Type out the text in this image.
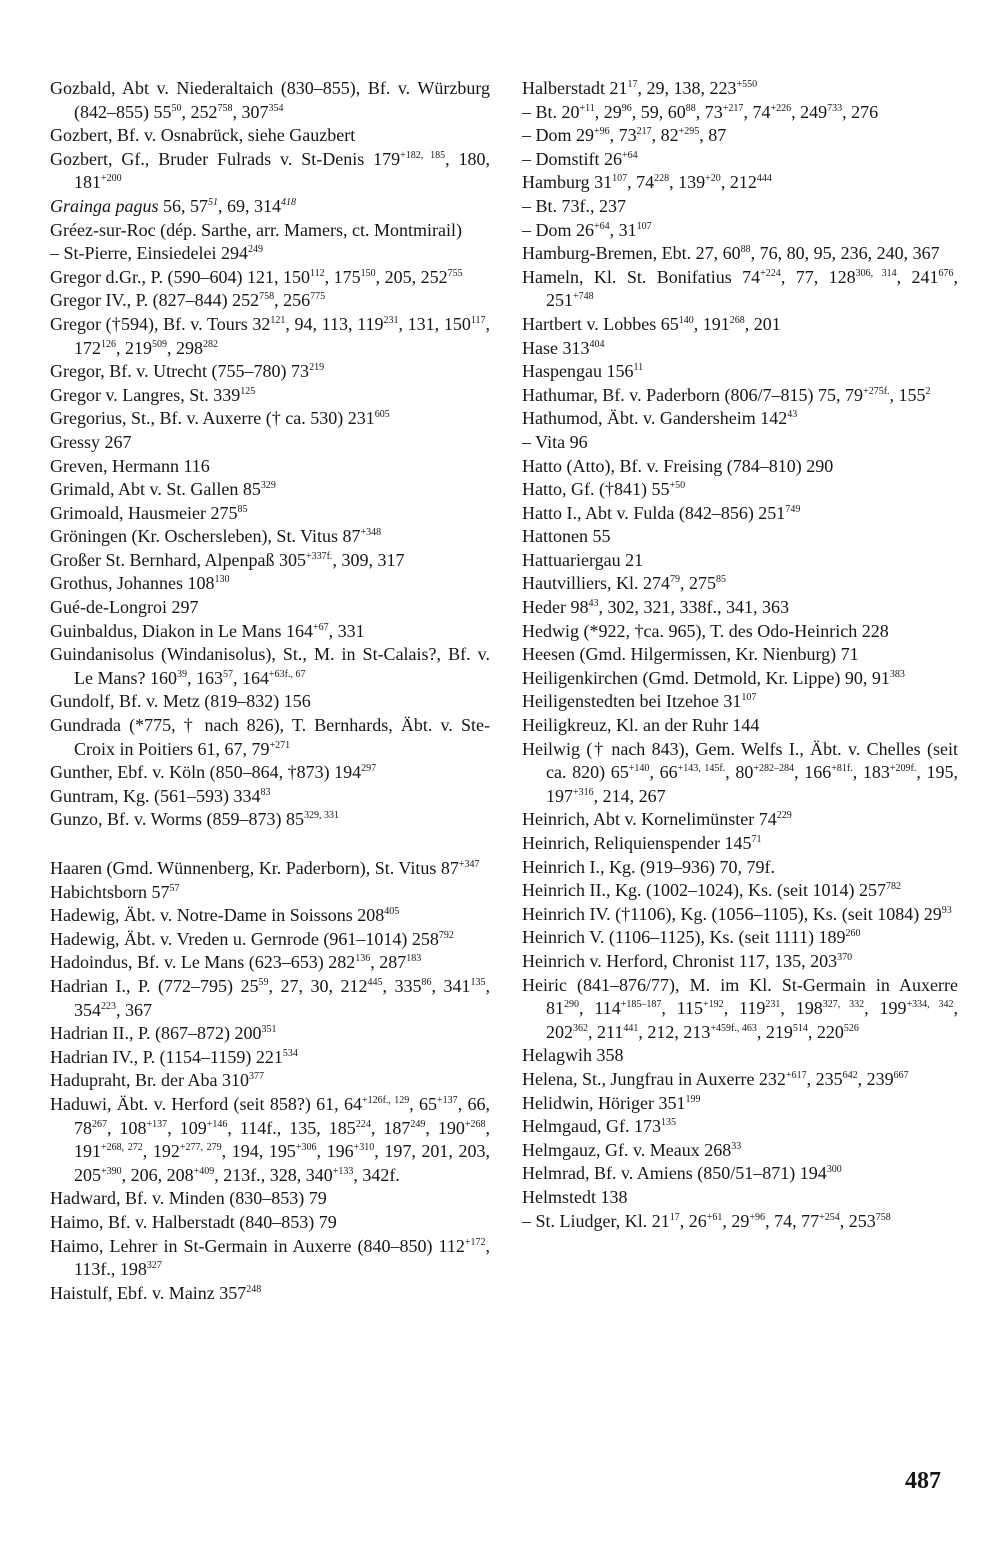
Gozbald, Abt v. Niederaltaich (830–855), Bf. v. Würzburg (842–855) $55^{50}$, $252^{758}$, $307^{354}$
Gozbert, Bf. v. Osnabrück, siehe Gauzbert
Gozbert, Gf., Bruder Fulrads v. St-Denis $179^{+182, 185}$, 180, $181^{+200}$
Grainga pagus 56, $57^{51}$, 69, $314^{418}$
Gréez-sur-Roc (dép. Sarthe, arr. Mamers, ct. Montmirail)
– St-Pierre, Einsiedelei $294^{249}$
Gregor d.Gr., P. (590–604) 121, $150^{112}$, $175^{150}$, 205, $252^{755}$
Gregor IV., P. (827–844) $252^{758}$, $256^{775}$
Gregor (†594), Bf. v. Tours $32^{121}$, 94, 113, $119^{231}$, 131, $150^{117}$, $172^{126}$, $219^{509}$, $298^{282}$
Gregor, Bf. v. Utrecht (755–780) $73^{219}$
Gregor v. Langres, St. $339^{125}$
Gregorius, St., Bf. v. Auxerre († ca. 530) $231^{605}$
Gressy 267
Greven, Hermann 116
Grimald, Abt v. St. Gallen $85^{329}$
Grimoald, Hausmeier $275^{85}$
Gröningen (Kr. Oschersleben), St. Vitus $87^{+348}$
Großer St. Bernhard, Alpenpaß $305^{+337f.}$, 309, 317
Grothus, Johannes $108^{130}$
Gué-de-Longroi 297
Guinbaldus, Diakon in Le Mans $164^{+67}$, 331
Guindanisolus (Windanisolus), St., M. in St-Calais?, Bf. v. Le Mans? $160^{39}$, $163^{57}$, $164^{+63f., 67}$
Gundolf, Bf. v. Metz (819–832) 156
Gundrada (*775, † nach 826), T. Bernhards, Äbt. v. Ste-Croix in Poitiers 61, 67, $79^{+271}$
Gunther, Ebf. v. Köln (850–864, †873) $194^{297}$
Guntram, Kg. (561–593) $334^{83}$
Gunzo, Bf. v. Worms (859–873) 85$^{329, 331}$
Haaren (Gmd. Wünnenberg, Kr. Paderborn), St. Vitus $87^{+347}$
Habichtsborn $57^{57}$
Hadewig, Äbt. v. Notre-Dame in Soissons $208^{405}$
Hadewig, Äbt. v. Vreden u. Gernrode (961–1014) $258^{792}$
Hadoindus, Bf. v. Le Mans (623–653) $282^{136}$, $287^{183}$
Hadrian I., P. (772–795) $25^{59}$, 27, 30, $212^{445}$, $335^{86}$, $341^{135}$, $354^{223}$, 367
Hadrian II., P. (867–872) $200^{351}$
Hadrian IV., P. (1154–1159) $221^{534}$
Hadupraht, Br. der Aba $310^{377}$
Haduwi, Äbt. v. Herford (seit 858?) 61, $64^{+126f., 129}$, $65^{+137}$, 66, $78^{267}$, $108^{+137}$, $109^{+146}$, 114f., 135, $185^{224}$, $187^{249}$, $190^{+268}$, $191^{+268, 272}$, $192^{+277, 279}$, 194, $195^{+306}$, $196^{+310}$, 197, 201, 203, $205^{+390}$, 206, $208^{+409}$, 213f., 328, $340^{+133}$, 342f.
Hadward, Bf. v. Minden (830–853) 79
Haimo, Bf. v. Halberstadt (840–853) 79
Haimo, Lehrer in St-Germain in Auxerre (840–850) $112^{+172}$, 113f., $198^{327}$
Haistulf, Ebf. v. Mainz $357^{248}$
Halberstadt $21^{17}$, 29, 138, $223^{+550}$
– Bt. $20^{+11}$, $29^{96}$, 59, $60^{88}$, $73^{+217}$, $74^{+226}$, $249^{733}$, 276
– Dom $29^{+96}$, $73^{217}$, $82^{+295}$, 87
– Domstift $26^{+64}$
Hamburg $31^{107}$, $74^{228}$, $139^{+20}$, $212^{444}$
– Bt. 73f., 237
– Dom $26^{+64}$, $31^{107}$
Hamburg-Bremen, Ebt. 27, $60^{88}$, 76, 80, 95, 236, 240, 367
Hameln, Kl. St. Bonifatius $74^{+224}$, 77, 128$^{306, 314}$, $241^{676}$, $251^{+748}$
Hartbert v. Lobbes $65^{140}$, $191^{268}$, 201
Hase $313^{404}$
Haspengau $156^{11}$
Hathumar, Bf. v. Paderborn (806/7–815) 75, $79^{+275f.}$, $155^2$
Hathumod, Äbt. v. Gandersheim $142^{43}$
– Vita 96
Hatto (Atto), Bf. v. Freising (784–810) 290
Hatto, Gf. (†841) $55^{+50}$
Hatto I., Abt v. Fulda (842–856) $251^{749}$
Hattonen 55
Hattuariergau 21
Hautvilliers, Kl. $274^{79}$, $275^{85}$
Heder $98^{43}$, 302, 321, 338f., 341, 363
Hedwig (*922, †ca. 965), T. des Odo-Heinrich 228
Heesen (Gmd. Hilgermissen, Kr. Nienburg) 71
Heiligenkirchen (Gmd. Detmold, Kr. Lippe) 90, $91^{383}$
Heiligenstedten bei Itzehoe $31^{107}$
Heiligkreuz, Kl. an der Ruhr 144
Heilwig († nach 843), Gem. Welfs I., Äbt. v. Chelles (seit ca. 820) $65^{+140}$, $66^{+143, 145f.}$, $80^{+282-284}$, $166^{+81f.}$, $183^{+209f.}$, 195, $197^{+316}$, 214, 267
Heinrich, Abt v. Kornelimünster $74^{229}$
Heinrich, Reliquienspender $145^{71}$
Heinrich I., Kg. (919–936) 70, 79f.
Heinrich II., Kg. (1002–1024), Ks. (seit 1014) $257^{782}$
Heinrich IV. (†1106), Kg. (1056–1105), Ks. (seit 1084) $29^{93}$
Heinrich V. (1106–1125), Ks. (seit 1111) $189^{260}$
Heinrich v. Herford, Chronist 117, 135, $203^{370}$
Heiric (841–876/77), M. im Kl. St-Germain in Auxerre $81^{290}$, $114^{+185-187}$, $115^{+192}$, $119^{231}$, 198$^{327, 332}$, $199^{+334, 342}$, $202^{362}$, $211^{441}$, 212, $213^{+459f., 463}$, $219^{514}$, $220^{526}$
Helagwih 358
Helena, St., Jungfrau in Auxerre $232^{+617}$, $235^{642}$, $239^{667}$
Helidwin, Höriger $351^{199}$
Helmgaud, Gf. $173^{135}$
Helmgauz, Gf. v. Meaux $268^{33}$
Helmrad, Bf. v. Amiens (850/51–871) $194^{300}$
Helmstedt 138
– St. Liudger, Kl. $21^{17}$, $26^{+61}$, $29^{+96}$, 74, $77^{+254}$, $253^{758}$
487
